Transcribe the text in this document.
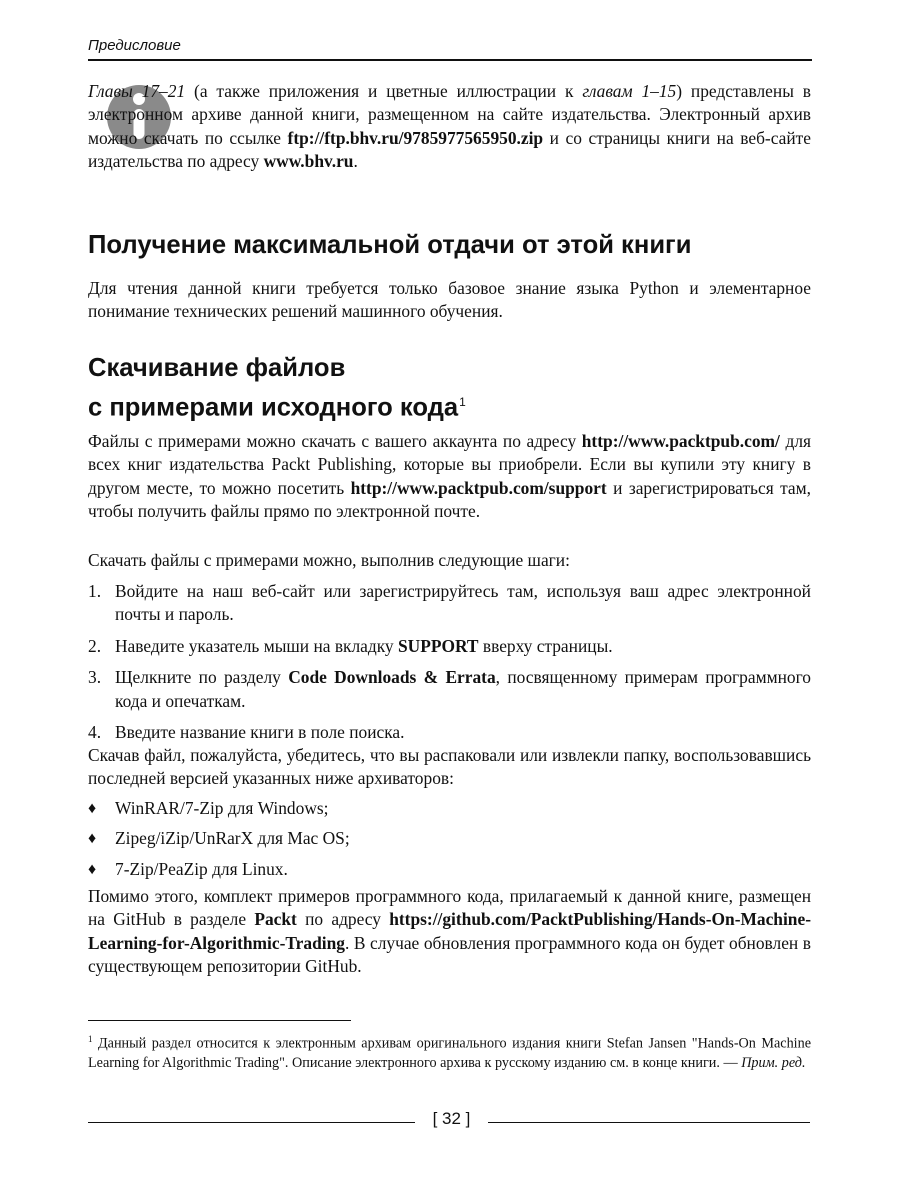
Предисловие

Главы 17–21 (а также приложения и цветные иллюстрации к главам 1–15) представлены в электронном архиве данной книги, размещенном на сайте издательства. Электронный архив можно скачать по ссылке ftp://ftp.bhv.ru/9785977565950.zip и со страницы книги на веб-сайте издательства по адресу www.bhv.ru.

Получение максимальной отдачи от этой книги

Для чтения данной книги требуется только базовое знание языка Python и элементарное понимание технических решений машинного обучения.

Скачивание файлов
с примерами исходного кода$^1$

Файлы с примерами можно скачать с вашего аккаунта по адресу http://www.packtpub.com/ для всех книг издательства Packt Publishing, которые вы приобрели. Если вы купили эту книгу в другом месте, то можно посетить http://www.packtpub.com/support и зарегистрироваться там, чтобы получить файлы прямо по электронной почте.

Скачать файлы с примерами можно, выполнив следующие шаги:

1. Войдите на наш веб-сайт или зарегистрируйтесь там, используя ваш адрес электронной почты и пароль.
2. Наведите указатель мыши на вкладку SUPPORT вверху страницы.
3. Щелкните по разделу Code Downloads & Errata, посвященному примерам программного кода и опечаткам.
4. Введите название книги в поле поиска.

Скачав файл, пожалуйста, убедитесь, что вы распаковали или извлекли папку, воспользовавшись последней версией указанных ниже архиваторов:

♦ WinRAR/7-Zip для Windows;
♦ Zipeg/iZip/UnRarX для Mac OS;
♦ 7-Zip/PeaZip для Linux.

Помимо этого, комплект примеров программного кода, прилагаемый к данной книге, размещен на GitHub в разделе Packt по адресу https://github.com/PacktPublishing/Hands-On-Machine-Learning-for-Algorithmic-Trading. В случае обновления программного кода он будет обновлен в существующем репозитории GitHub.

$^1$ Данный раздел относится к электронным архивам оригинального издания книги Stefan Jansen "Hands-On Machine Learning for Algorithmic Trading". Описание электронного архива к русскому изданию см. в конце книги. — Прим. ред.

[ 32 ]
